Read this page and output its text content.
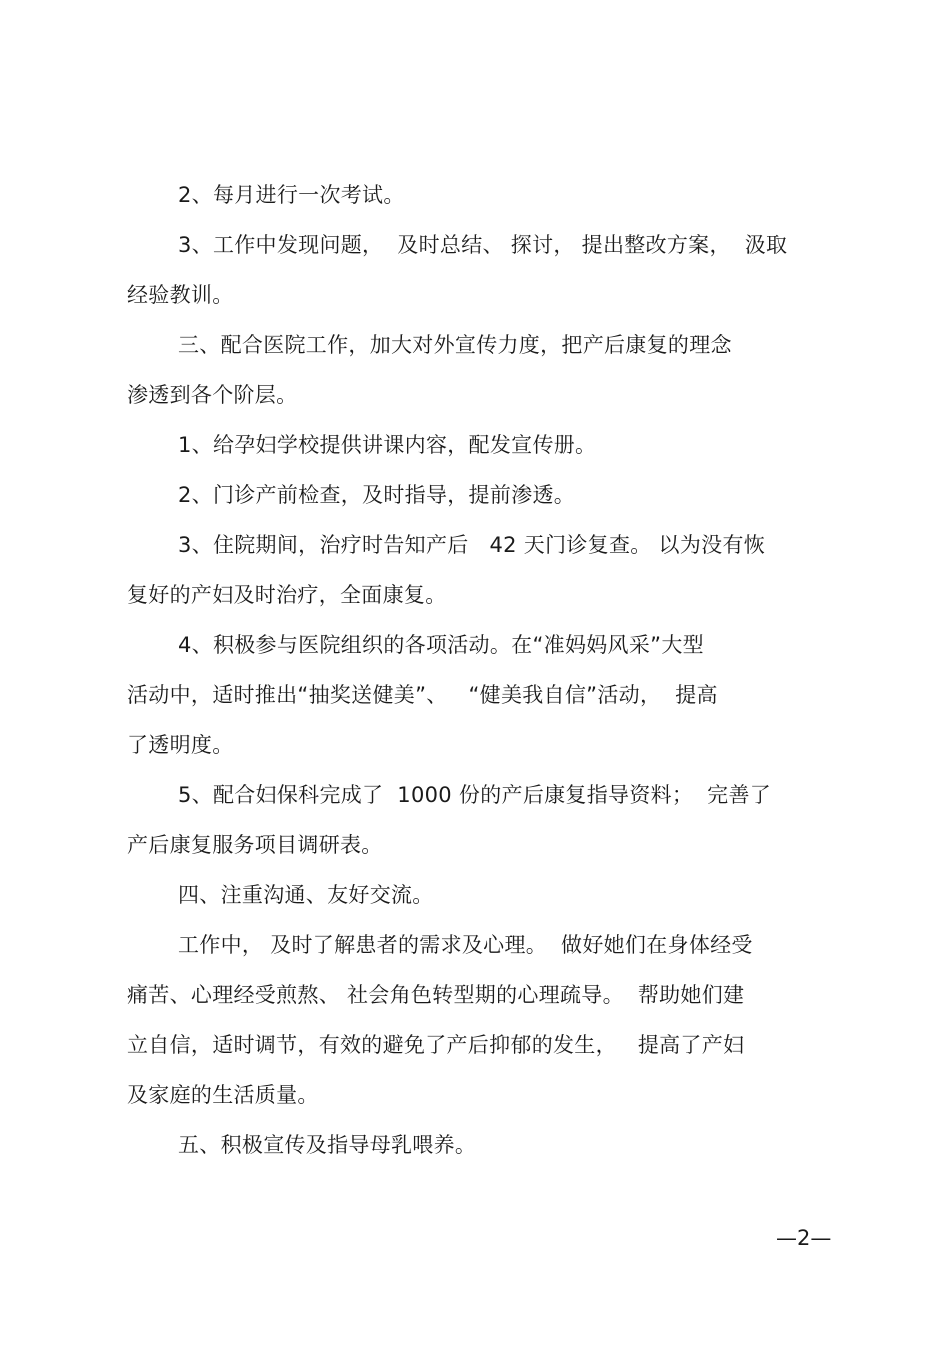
2、每月进行一次考试。
3、工作中发现问题，  及时总结、 探讨， 提出整改方案，  汲取
经验教训。
三、配合医院工作，加大对外宣传力度，把产后康复的理念
渗透到各个阶层。
1、给孕妇学校提供讲课内容，配发宣传册。
2、门诊产前检查，及时指导，提前渗透。
3、住院期间，治疗时告知产后   42 天门诊复查。 以为没有恢
复好的产妇及时治疗，全面康复。
4、积极参与医院组织的各项活动。在“准妈妈风采”大型
活动中，适时推出“抽奖送健美”、   “健美我自信”活动，  提高
了透明度。
5、配合妇保科完成了  1000 份的产后康复指导资料；  完善了
产后康复服务项目调研表。
四、注重沟通、友好交流。
工作中， 及时了解患者的需求及心理。  做好她们在身体经受
痛苦、心理经受煎熬、 社会角色转型期的心理疏导。  帮助她们建
立自信，适时调节，有效的避免了产后抑郁的发生，   提高了产妇
及家庭的生活质量。
五、积极宣传及指导母乳喂养。
—2—
